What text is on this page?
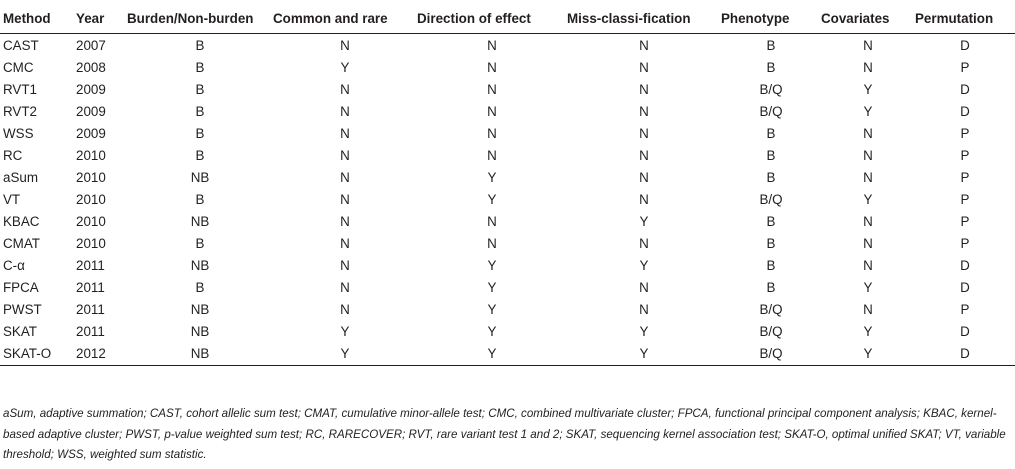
Method	Year	Burden/Non-burden	Common and rare	Direction of effect	Miss-classi-fication	Phenotype	Covariates	Permutation
CAST	2007	B	N	N	N	B	N	D
CMC	2008	B	Y	N	N	B	N	P
RVT1	2009	B	N	N	N	B/Q	Y	D
RVT2	2009	B	N	N	N	B/Q	Y	D
WSS	2009	B	N	N	N	B	N	P
RC	2010	B	N	N	N	B	N	P
aSum	2010	NB	N	Y	N	B	N	P
VT	2010	B	N	Y	N	B/Q	Y	P
KBAC	2010	NB	N	N	Y	B	N	P
CMAT	2010	B	N	N	N	B	N	P
C-α	2011	NB	N	Y	Y	B	N	D
FPCA	2011	B	N	Y	N	B	Y	D
PWST	2011	NB	N	Y	N	B/Q	N	P
SKAT	2011	NB	Y	Y	Y	B/Q	Y	D
SKAT-O	2012	NB	Y	Y	Y	B/Q	Y	D
aSum, adaptive summation; CAST, cohort allelic sum test; CMAT, cumulative minor-allele test; CMC, combined multivariate cluster; FPCA, functional principal component analysis; KBAC, kernel-based adaptive cluster; PWST, p-value weighted sum test; RC, RARECOVER; RVT, rare variant test 1 and 2; SKAT, sequencing kernel association test; SKAT-O, optimal unified SKAT; VT, variable threshold; WSS, weighted sum statistic.
